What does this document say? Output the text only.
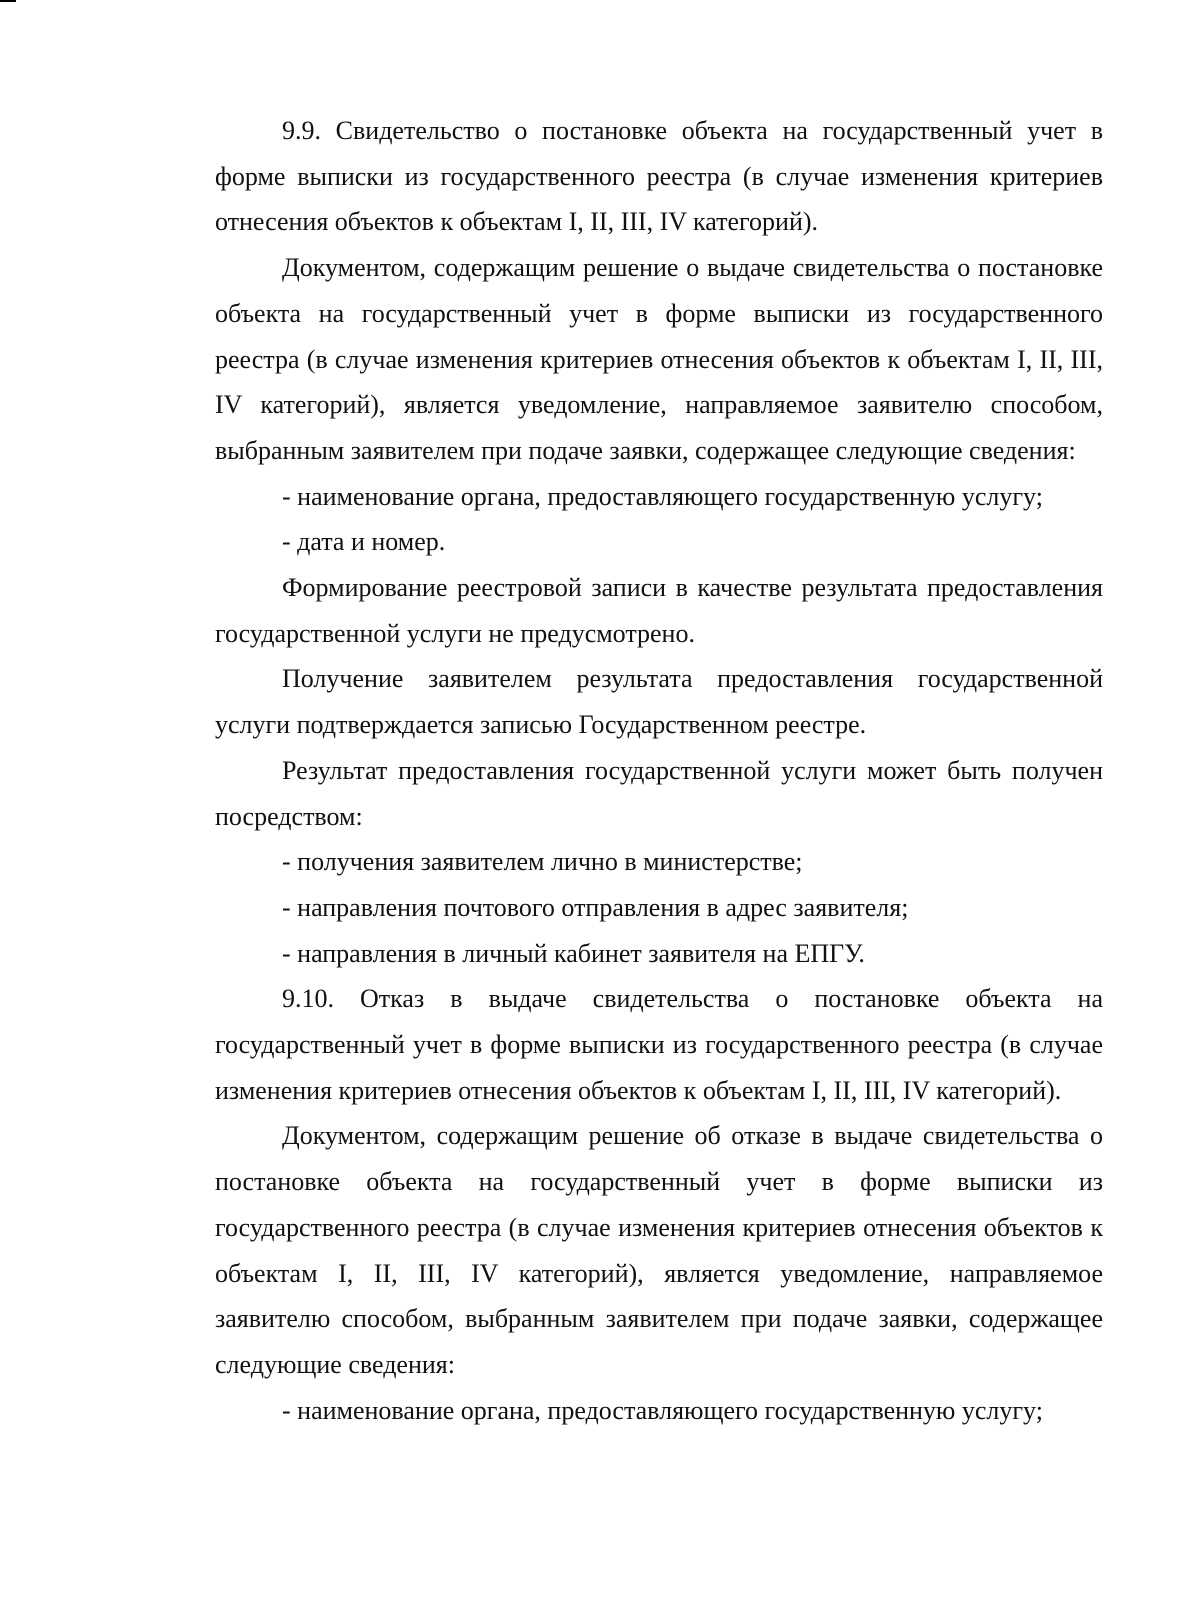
9.9. Свидетельство о постановке объекта на государственный учет в форме выписки из государственного реестра (в случае изменения критериев отнесения объектов к объектам I, II, III, IV категорий).

Документом, содержащим решение о выдаче свидетельства о постановке объекта на государственный учет в форме выписки из государственного реестра (в случае изменения критериев отнесения объектов к объектам I, II, III, IV категорий), является уведомление, направляемое заявителю способом, выбранным заявителем при подаче заявки, содержащее следующие сведения:

- наименование органа, предоставляющего государственную услугу;

- дата и номер.

Формирование реестровой записи в качестве результата предоставления государственной услуги не предусмотрено.

Получение заявителем результата предоставления государственной услуги подтверждается записью Государственном реестре.

Результат предоставления государственной услуги может быть получен посредством:

- получения заявителем лично в министерстве;

- направления почтового отправления в адрес заявителя;

- направления в личный кабинет заявителя на ЕПГУ.

9.10. Отказ в выдаче свидетельства о постановке объекта на государственный учет в форме выписки из государственного реестра (в случае изменения критериев отнесения объектов к объектам I, II, III, IV категорий).

Документом, содержащим решение об отказе в выдаче свидетельства о постановке объекта на государственный учет в форме выписки из государственного реестра (в случае изменения критериев отнесения объектов к объектам I, II, III, IV категорий), является уведомление, направляемое заявителю способом, выбранным заявителем при подаче заявки, содержащее следующие сведения:

- наименование органа, предоставляющего государственную услугу;
